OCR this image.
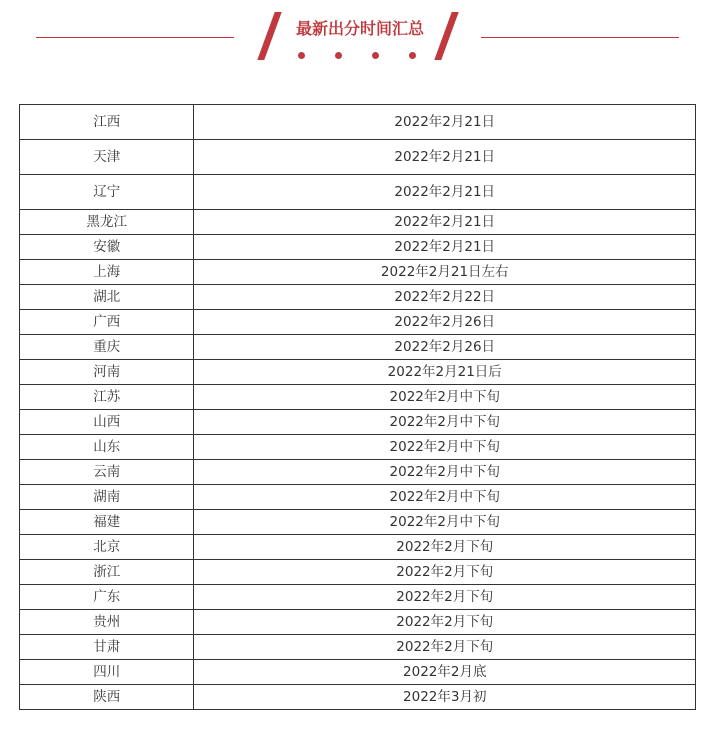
最新出分时间汇总
江西	2022年2月21日
天津	2022年2月21日
辽宁	2022年2月21日
黑龙江	2022年2月21日
安徽	2022年2月21日
上海	2022年2月21日左右
湖北	2022年2月22日
广西	2022年2月26日
重庆	2022年2月26日
河南	2022年2月21日后
江苏	2022年2月中下旬
山西	2022年2月中下旬
山东	2022年2月中下旬
云南	2022年2月中下旬
湖南	2022年2月中下旬
福建	2022年2月中下旬
北京	2022年2月下旬
浙江	2022年2月下旬
广东	2022年2月下旬
贵州	2022年2月下旬
甘肃	2022年2月下旬
四川	2022年2月底
陕西	2022年3月初
